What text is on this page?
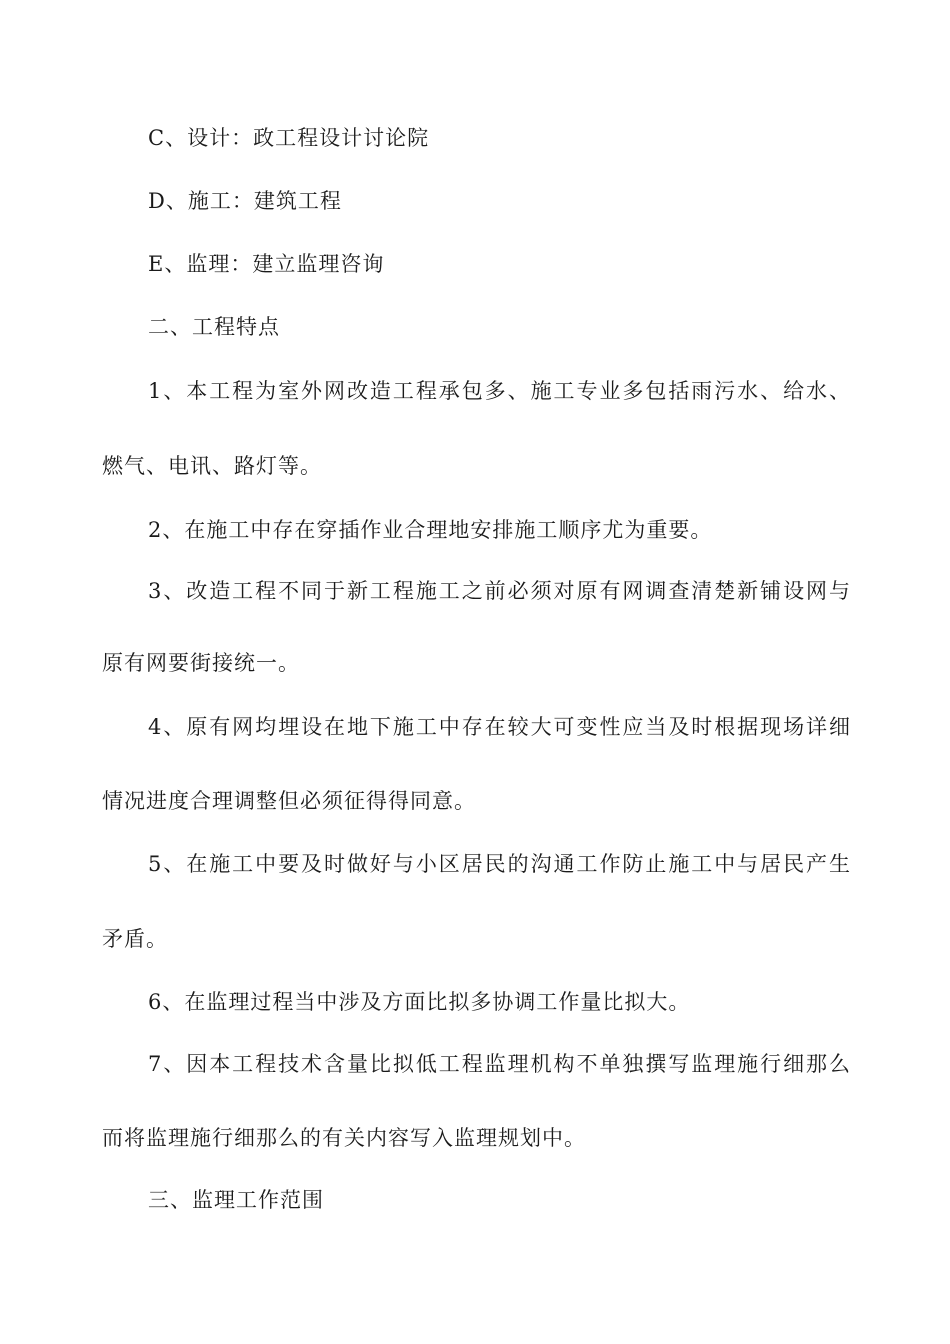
C、设计：政工程设计讨论院
D、施工：建筑工程
E、监理：建立监理咨询
二、工程特点
1、本工程为室外网改造工程承包多、施工专业多包括雨污水、给水、
燃气、电讯、路灯等。
2、在施工中存在穿插作业合理地安排施工顺序尤为重要。
3、改造工程不同于新工程施工之前必须对原有网调查清楚新铺设网与
原有网要街接统一。
4、原有网均埋设在地下施工中存在较大可变性应当及时根据现场详细
情况进度合理调整但必须征得得同意。
5、在施工中要及时做好与小区居民的沟通工作防止施工中与居民产生
矛盾。
6、在监理过程当中涉及方面比拟多协调工作量比拟大。
7、因本工程技术含量比拟低工程监理机构不单独撰写监理施行细那么
而将监理施行细那么的有关内容写入监理规划中。
三、监理工作范围
